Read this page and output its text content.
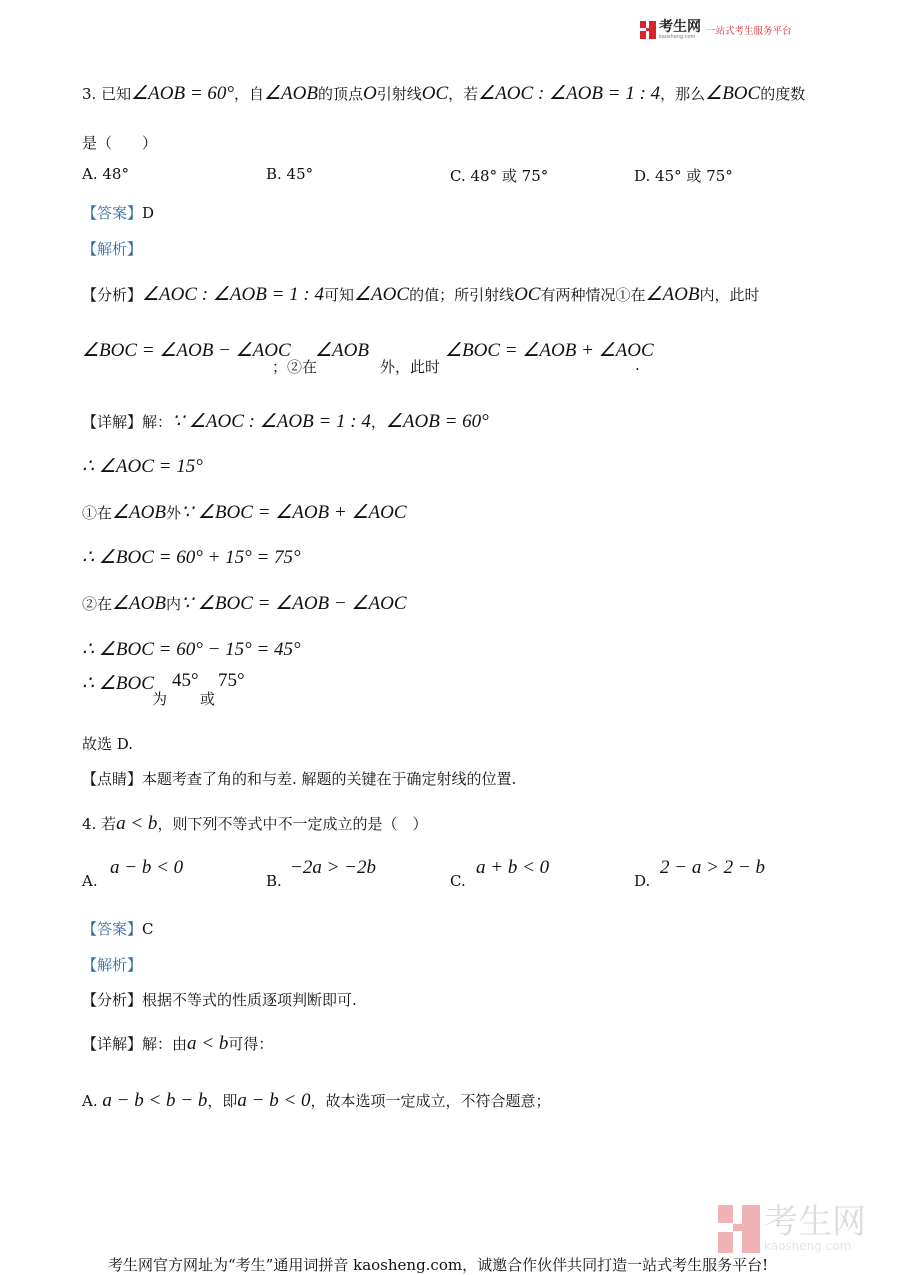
考生网
kaosheng.com	一站式考生服务平台
3. 已知∠AOB = 60°，自∠AOB的顶点O引射线OC，若∠AOC : ∠AOB = 1 : 4，那么∠BOC的度数
是（　　）
A. 48°	B. 45°	C. 48° 或 75°	D. 45° 或 75°
【答案】D
【解析】
【分析】∠AOC : ∠AOB = 1 : 4可知∠AOC的值；所引射线OC有两种情况①在∠AOB内，此时
∠BOC = ∠AOB − ∠AOC
；②在
∠AOB
外，此时
∠BOC = ∠AOB + ∠AOC
.
【详解】解：∵ ∠AOC : ∠AOB = 1 : 4，∠AOB = 60°
∴ ∠AOC = 15°
①在∠AOB外∵ ∠BOC = ∠AOB + ∠AOC
∴ ∠BOC = 60° + 15° = 75°
②在∠AOB内∵ ∠BOC = ∠AOB − ∠AOC
∴ ∠BOC = 60° − 15° = 45°
∴ ∠BOC
为
45°
或
75°
故选 D.
【点睛】本题考查了角的和与差. 解题的关键在于确定射线的位置.
4. 若a < b，则下列不等式中不一定成立的是（　）
A.
a − b < 0
B.
−2a > −2b
C.
a + b < 0
D.
2 − a > 2 − b
【答案】C
【解析】
【分析】根据不等式的性质逐项判断即可.
【详解】解：由a < b可得：
A. a − b < b − b，即a − b < 0，故本选项一定成立，不符合题意；
考生网
kaosheng.com
考生网官方网址为“考生”通用词拼音 kaosheng.com，诚邀合作伙伴共同打造一站式考生服务平台!
